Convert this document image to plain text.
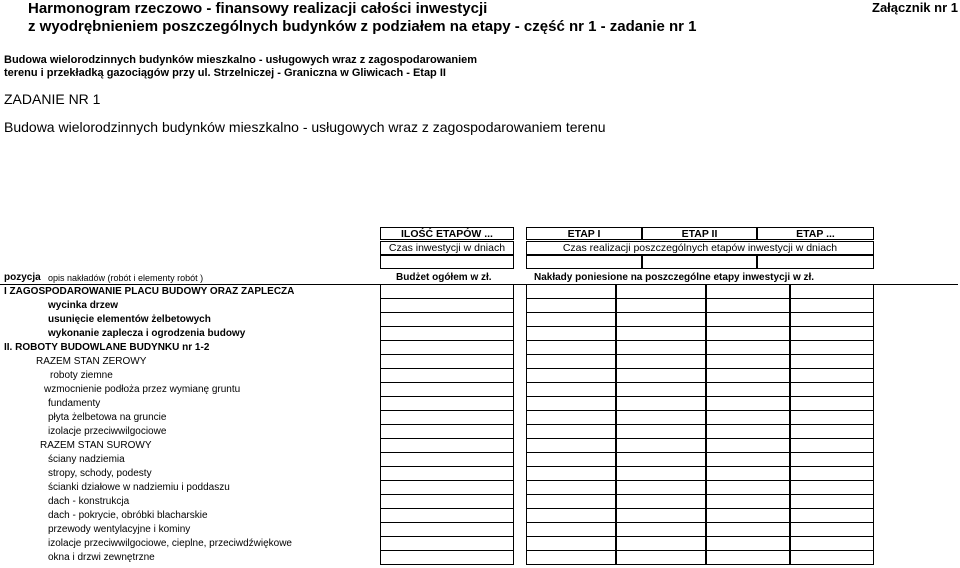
Harmonogram rzeczowo - finansowy realizacji całości inwestycji
z wyodrębnieniem poszczególnych budynków z podziałem na etapy - część nr 1 - zadanie nr 1
Załącznik nr 1
Budowa wielorodzinnych budynków mieszkalno - usługowych wraz z zagospodarowaniem
terenu i przekładką gazociągów przy ul. Strzelniczej - Graniczna w Gliwicach - Etap II
ZADANIE NR 1
Budowa wielorodzinnych budynków mieszkalno - usługowych wraz z zagospodarowaniem terenu
ILOŚĆ ETAPÓW ...	ETAP I	ETAP II	ETAP ...
Czas inwestycji w dniach	Czas realizacji poszczególnych etapów inwestycji w dniach
pozycja opis nakładów (robót i elementy robót )	Budżet ogółem w zł.	Nakłady poniesione na poszczególne etapy inwestycji w zł.
I ZAGOSPODAROWANIE PLACU BUDOWY ORAZ ZAPLECZA
wycinka drzew
usunięcie elementów żelbetowych
wykonanie zaplecza i ogrodzenia budowy
II. ROBOTY BUDOWLANE BUDYNKU nr 1-2
RAZEM STAN ZEROWY
roboty ziemne
wzmocnienie podłoża przez wymianę gruntu
fundamenty
płyta żelbetowa na gruncie
izolacje przeciwwilgociowe
RAZEM STAN SUROWY
ściany nadziemia
stropy, schody, podesty
ścianki działowe w nadziemiu i poddaszu
dach - konstrukcja
dach - pokrycie, obróbki blacharskie
przewody wentylacyjne i kominy
izolacje przeciwwilgociowe, cieplne, przeciwdźwiękowe
okna i drzwi zewnętrzne
